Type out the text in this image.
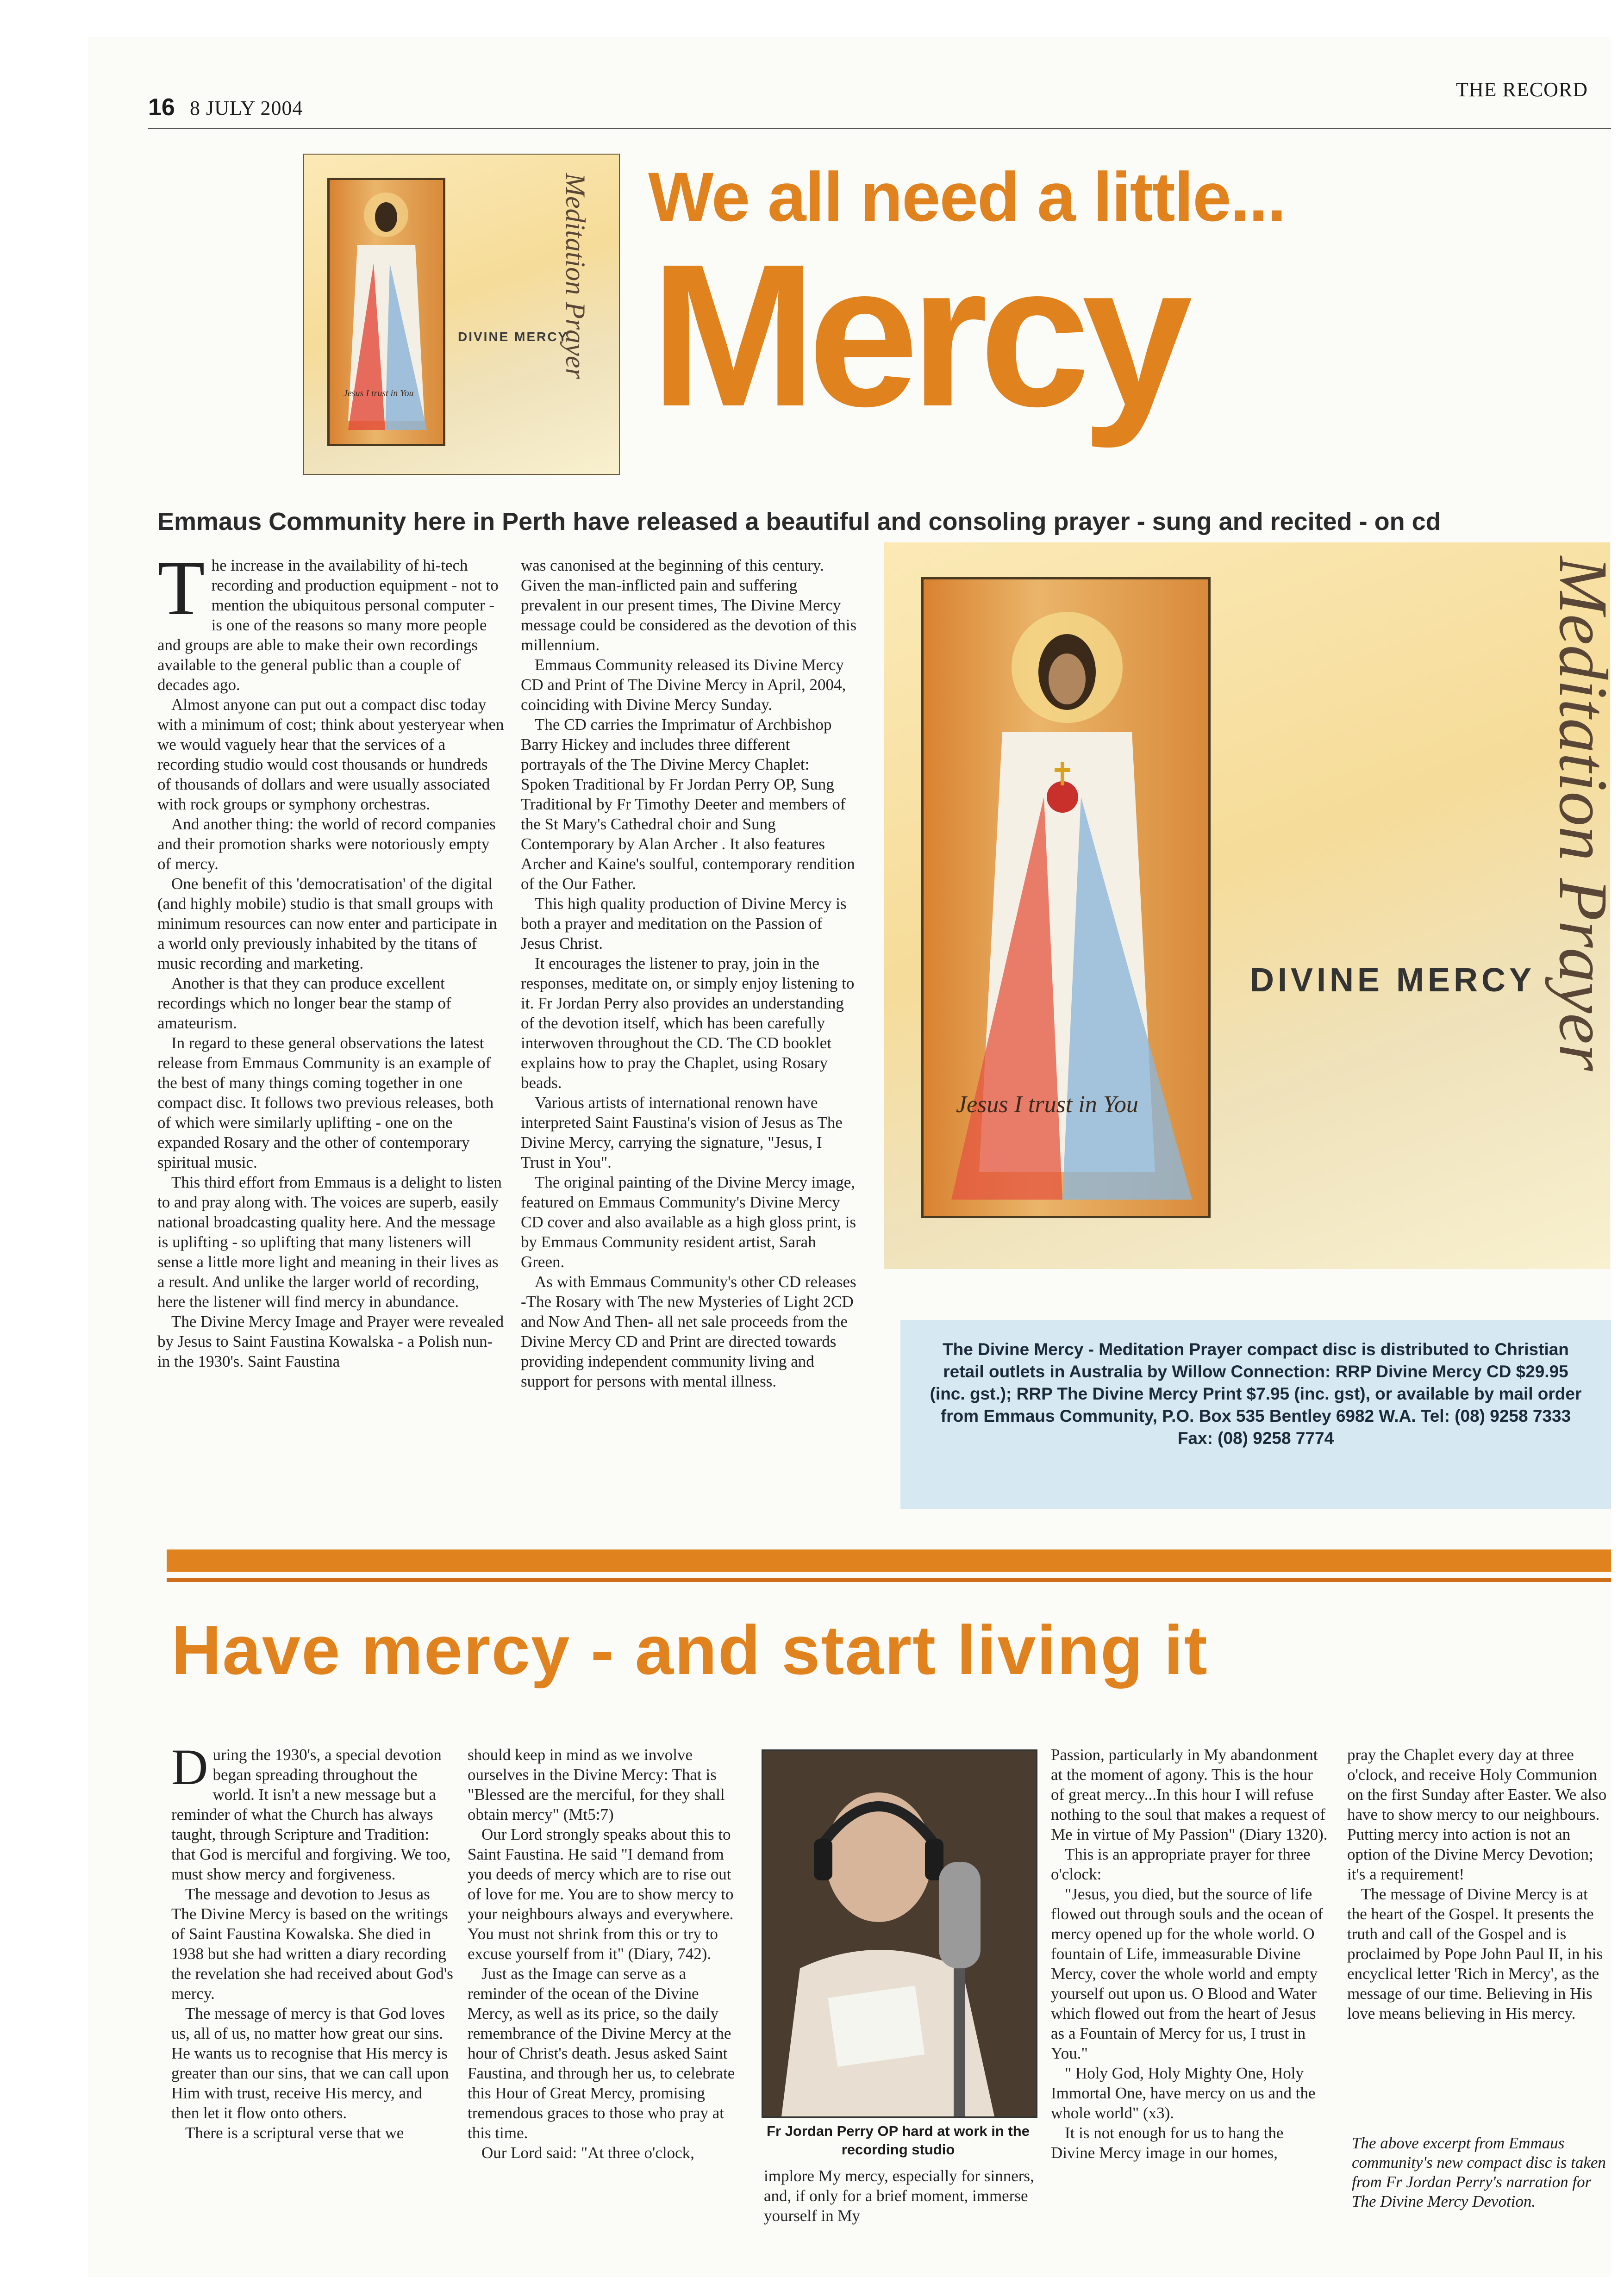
16 8 JULY 2004
THE RECORD
Jesus I trust in You
DIVINE MERCY
Meditation Prayer We all need a little...
Mercy
Emmaus Community here in Perth have released a beautiful and consoling prayer - sung and recited - on cd
T he increase in the availability of hi-tech recording and production equipment - not to mention the ubiquitous personal computer - is one of the reasons so many more people and groups are able to make their own recordings available to the general public than a couple of decades ago.

Almost anyone can put out a compact disc today with a minimum of cost; think about yesteryear when we would vaguely hear that the services of a recording studio would cost thousands or hundreds of thousands of dollars and were usually associated with rock groups or symphony orchestras.

And another thing: the world of record companies and their promotion sharks were notoriously empty of mercy.

One benefit of this 'democratisation' of the digital (and highly mobile) studio is that small groups with minimum resources can now enter and participate in a world only previously inhabited by the titans of music recording and marketing.

Another is that they can produce excellent recordings which no longer bear the stamp of amateurism.

In regard to these general observations the latest release from Emmaus Community is an example of the best of many things coming together in one compact disc. It follows two previous releases, both of which were similarly uplifting - one on the expanded Rosary and the other of contemporary spiritual music.

This third effort from Emmaus is a delight to listen to and pray along with. The voices are superb, easily national broadcasting quality here. And the message is uplifting - so uplifting that many listeners will sense a little more light and meaning in their lives as a result. And unlike the larger world of recording, here the listener will find mercy in abundance.

The Divine Mercy Image and Prayer were revealed by Jesus to Saint Faustina Kowalska - a Polish nun- in the 1930's. Saint Faustina

was canonised at the beginning of this century. Given the man-inflicted pain and suffering prevalent in our present times, The Divine Mercy message could be considered as the devotion of this millennium.

Emmaus Community released its Divine Mercy CD and Print of The Divine Mercy in April, 2004, coinciding with Divine Mercy Sunday.

The CD carries the Imprimatur of Archbishop Barry Hickey and includes three different portrayals of the The Divine Mercy Chaplet: Spoken Traditional by Fr Jordan Perry OP, Sung Traditional by Fr Timothy Deeter and members of the St Mary's Cathedral choir and Sung Contemporary by Alan Archer . It also features Archer and Kaine's soulful, contemporary rendition of the Our Father.

This high quality production of Divine Mercy is both a prayer and meditation on the Passion of Jesus Christ.

It encourages the listener to pray, join in the responses, meditate on, or simply enjoy listening to it. Fr Jordan Perry also provides an understanding of the devotion itself, which has been carefully interwoven throughout the CD. The CD booklet explains how to pray the Chaplet, using Rosary beads.

Various artists of international renown have interpreted Saint Faustina's vision of Jesus as The Divine Mercy, carrying the signature, "Jesus, I Trust in You".

The original painting of the Divine Mercy image, featured on Emmaus Community's Divine Mercy CD cover and also available as a high gloss print, is by Emmaus Community resident artist, Sarah Green.

As with Emmaus Community's other CD releases -The Rosary with The new Mysteries of Light 2CD and Now And Then- all net sale proceeds from the Divine Mercy CD and Print are directed towards providing independent community living and support for persons with mental illness.

Jesus I trust in You
DIVINE MERCY Meditation Prayer
The Divine Mercy - Meditation Prayer compact disc is distributed to Christian retail outlets in Australia by Willow Connection: RRP Divine Mercy CD $29.95 (inc. gst.); RRP The Divine Mercy Print $7.95 (inc. gst), or available by mail order from Emmaus Community, P.O. Box 535 Bentley 6982 W.A. Tel: (08) 9258 7333 Fax: (08) 9258 7774
Have mercy - and start living it
D uring the 1930's, a special devotion began spreading throughout the world. It isn't a new message but a reminder of what the Church has always taught, through Scripture and Tradition: that God is merciful and forgiving. We too, must show mercy and forgiveness.

The message and devotion to Jesus as The Divine Mercy is based on the writings of Saint Faustina Kowalska. She died in 1938 but she had written a diary recording the revelation she had received about God's mercy.

The message of mercy is that God loves us, all of us, no matter how great our sins. He wants us to recognise that His mercy is greater than our sins, that we can call upon Him with trust, receive His mercy, and then let it flow onto others.

There is a scriptural verse that we

should keep in mind as we involve ourselves in the Divine Mercy: That is "Blessed are the merciful, for they shall obtain mercy" (Mt5:7)

Our Lord strongly speaks about this to Saint Faustina. He said "I demand from you deeds of mercy which are to rise out of love for me. You are to show mercy to your neighbours always and everywhere. You must not shrink from this or try to excuse yourself from it" (Diary, 742).

Just as the Image can serve as a reminder of the ocean of the Divine Mercy, as well as its price, so the daily remembrance of the Divine Mercy at the hour of Christ's death. Jesus asked Saint Faustina, and through her us, to celebrate this Hour of Great Mercy, promising tremendous graces to those who pray at this time.

Our Lord said: "At three o'clock,

Fr Jordan Perry OP hard at work in the recording studio

implore My mercy, especially for sinners, and, if only for a brief moment, immerse yourself in My

Passion, particularly in My abandonment at the moment of agony. This is the hour of great mercy...In this hour I will refuse nothing to the soul that makes a request of Me in virtue of My Passion" (Diary 1320).

This is an appropriate prayer for three o'clock:

"Jesus, you died, but the source of life flowed out through souls and the ocean of mercy opened up for the whole world. O fountain of Life, immeasurable Divine Mercy, cover the whole world and empty yourself out upon us. O Blood and Water which flowed out from the heart of Jesus as a Fountain of Mercy for us, I trust in You."

" Holy God, Holy Mighty One, Holy Immortal One, have mercy on us and the whole world" (x3).

It is not enough for us to hang the Divine Mercy image in our homes,

pray the Chaplet every day at three o'clock, and receive Holy Communion on the first Sunday after Easter. We also have to show mercy to our neighbours. Putting mercy into action is not an option of the Divine Mercy Devotion; it's a requirement!

The message of Divine Mercy is at the heart of the Gospel. It presents the truth and call of the Gospel and is proclaimed by Pope John Paul II, in his encyclical letter 'Rich in Mercy', as the message of our time. Believing in His love means believing in His mercy.

The above excerpt from Emmaus community's new compact disc is taken from Fr Jordan Perry's narration for The Divine Mercy Devotion.
